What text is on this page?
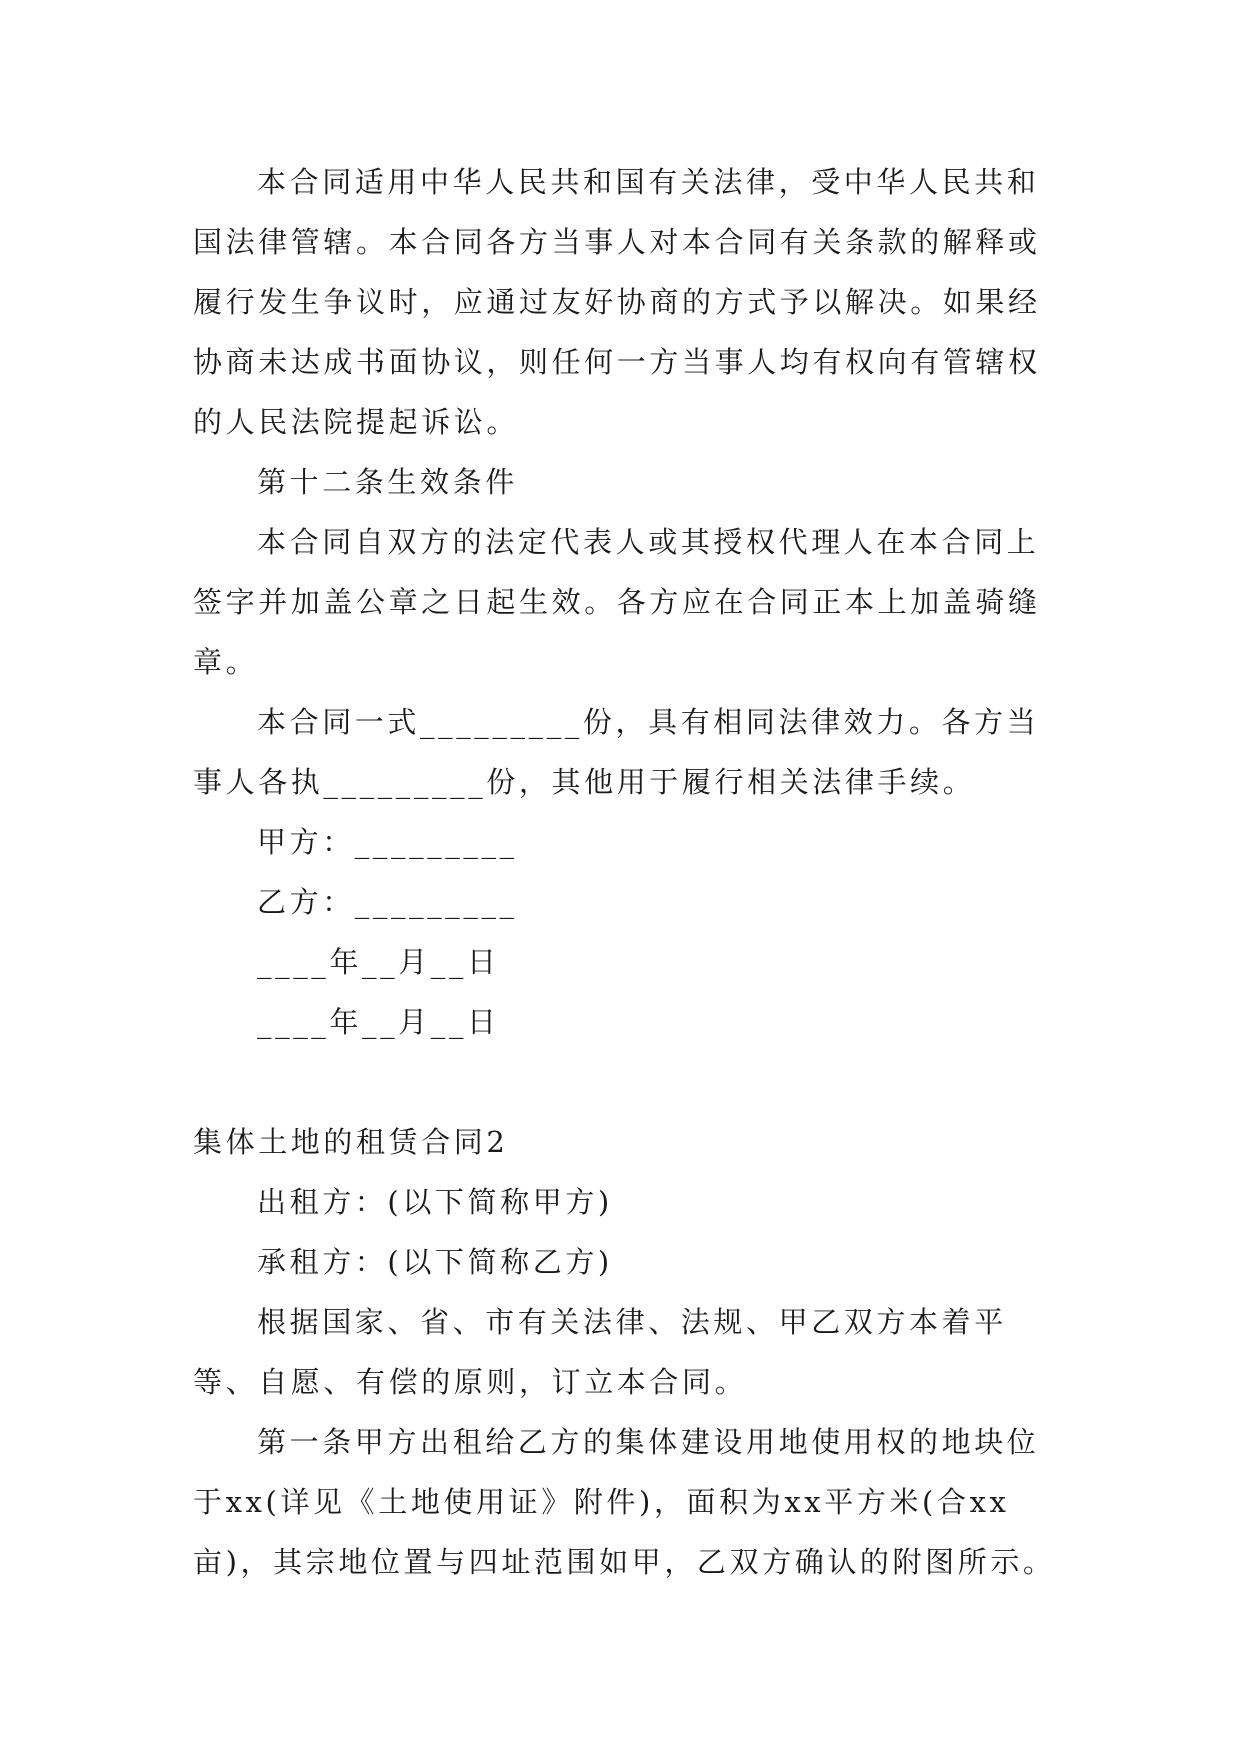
本合同适用中华人民共和国有关法律，受中华人民共和国法律管辖。本合同各方当事人对本合同有关条款的解释或履行发生争议时，应通过友好协商的方式予以解决。如果经协商未达成书面协议，则任何一方当事人均有权向有管辖权的人民法院提起诉讼。

第十二条生效条件

本合同自双方的法定代表人或其授权代理人在本合同上签字并加盖公章之日起生效。各方应在合同正本上加盖骑缝章。

本合同一式_________份，具有相同法律效力。各方当事人各执_________份，其他用于履行相关法律手续。

甲方：_________

乙方：_________

____年__月__日

____年__月__日

集体土地的租赁合同2

出租方：(以下简称甲方)

承租方：(以下简称乙方)

根据国家、省、市有关法律、法规、甲乙双方本着平等、自愿、有偿的原则，订立本合同。

第一条甲方出租给乙方的集体建设用地使用权的地块位于xx(详见《土地使用证》附件)，面积为xx平方米(合xx亩)，其宗地位置与四址范围如甲，乙双方确认的附图所示。
